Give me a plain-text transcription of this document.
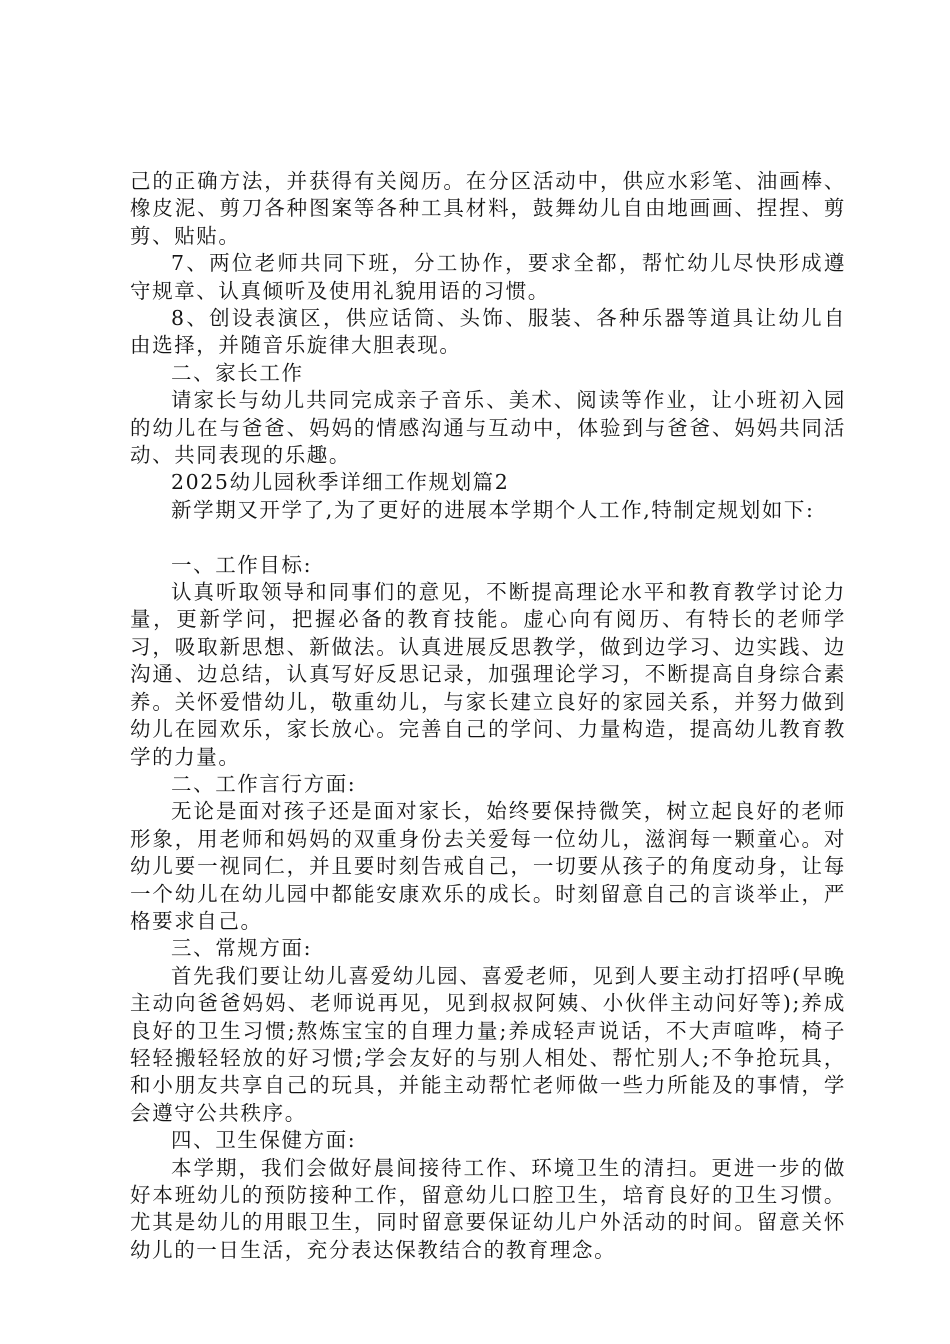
己的正确方法，并获得有关阅历。在分区活动中，供应水彩笔、油画棒、橡皮泥、剪刀各种图案等各种工具材料，鼓舞幼儿自由地画画、捏捏、剪剪、贴贴。

7、两位老师共同下班，分工协作，要求全都，帮忙幼儿尽快形成遵守规章、认真倾听及使用礼貌用语的习惯。

8、创设表演区，供应话筒、头饰、服装、各种乐器等道具让幼儿自由选择，并随音乐旋律大胆表现。

二、家长工作

请家长与幼儿共同完成亲子音乐、美术、阅读等作业，让小班初入园的幼儿在与爸爸、妈妈的情感沟通与互动中，体验到与爸爸、妈妈共同活动、共同表现的乐趣。

2025幼儿园秋季详细工作规划篇2

新学期又开学了,为了更好的进展本学期个人工作,特制定规划如下:

一、工作目标:

认真听取领导和同事们的意见，不断提高理论水平和教育教学讨论力量，更新学问，把握必备的教育技能。虚心向有阅历、有特长的老师学习，吸取新思想、新做法。认真进展反思教学，做到边学习、边实践、边沟通、边总结，认真写好反思记录，加强理论学习，不断提高自身综合素养。关怀爱惜幼儿，敬重幼儿，与家长建立良好的家园关系，并努力做到幼儿在园欢乐，家长放心。完善自己的学问、力量构造，提高幼儿教育教学的力量。

二、工作言行方面:

无论是面对孩子还是面对家长，始终要保持微笑，树立起良好的老师形象，用老师和妈妈的双重身份去关爱每一位幼儿，滋润每一颗童心。对幼儿要一视同仁，并且要时刻告戒自己，一切要从孩子的角度动身，让每一个幼儿在幼儿园中都能安康欢乐的成长。时刻留意自己的言谈举止，严格要求自己。

三、常规方面:

首先我们要让幼儿喜爱幼儿园、喜爱老师，见到人要主动打招呼(早晚主动向爸爸妈妈、老师说再见，见到叔叔阿姨、小伙伴主动问好等);养成良好的卫生习惯;熬炼宝宝的自理力量;养成轻声说话，不大声喧哗，椅子轻轻搬轻轻放的好习惯;学会友好的与别人相处、帮忙别人;不争抢玩具，和小朋友共享自己的玩具，并能主动帮忙老师做一些力所能及的事情，学会遵守公共秩序。

四、卫生保健方面:

本学期，我们会做好晨间接待工作、环境卫生的清扫。更进一步的做好本班幼儿的预防接种工作，留意幼儿口腔卫生，培育良好的卫生习惯。尤其是幼儿的用眼卫生，同时留意要保证幼儿户外活动的时间。留意关怀幼儿的一日生活，充分表达保教结合的教育理念。
